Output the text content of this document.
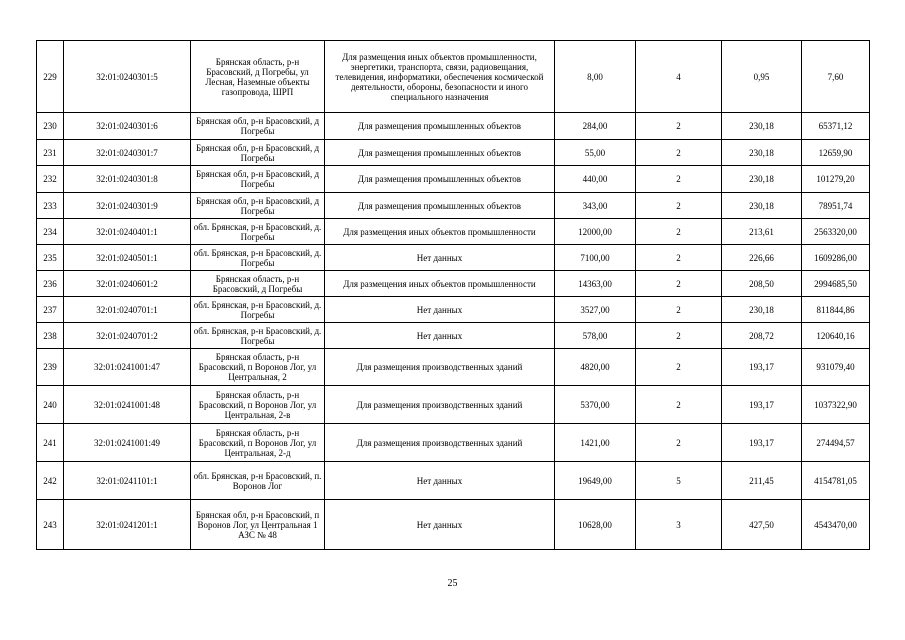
229	32:01:0240301:5	Брянская область, р-н Брасовский, д Погребы, ул Лесная, Наземные объекты газопровода, ШРП	Для размещения иных объектов промышленности, энергетики, транспорта, связи, радиовещания, телевидения, информатики, обеспечения космической деятельности, обороны, безопасности и иного специального назначения	8,00	4	0,95	7,60
230	32:01:0240301:6	Брянская обл, р-н Брасовский, д Погребы	Для размещения промышленных объектов	284,00	2	230,18	65371,12
231	32:01:0240301:7	Брянская обл, р-н Брасовский, д Погребы	Для размещения промышленных объектов	55,00	2	230,18	12659,90
232	32:01:0240301:8	Брянская обл, р-н Брасовский, д Погребы	Для размещения промышленных объектов	440,00	2	230,18	101279,20
233	32:01:0240301:9	Брянская обл, р-н Брасовский, д Погребы	Для размещения промышленных объектов	343,00	2	230,18	78951,74
234	32:01:0240401:1	обл. Брянская, р-н Брасовский, д. Погребы	Для размещения иных объектов промышленности	12000,00	2	213,61	2563320,00
235	32:01:0240501:1	обл. Брянская, р-н Брасовский, д. Погребы	Нет данных	7100,00	2	226,66	1609286,00
236	32:01:0240601:2	Брянская область, р-н Брасовский, д Погребы	Для размещения иных объектов промышленности	14363,00	2	208,50	2994685,50
237	32:01:0240701:1	обл. Брянская, р-н Брасовский, д. Погребы	Нет данных	3527,00	2	230,18	811844,86
238	32:01:0240701:2	обл. Брянская, р-н Брасовский, д. Погребы	Нет данных	578,00	2	208,72	120640,16
239	32:01:0241001:47	Брянская область, р-н Брасовский, п Воронов Лог, ул Центральная, 2	Для размещения производственных зданий	4820,00	2	193,17	931079,40
240	32:01:0241001:48	Брянская область, р-н Брасовский, п Воронов Лог, ул Центральная, 2-в	Для размещения производственных зданий	5370,00	2	193,17	1037322,90
241	32:01:0241001:49	Брянская область, р-н Брасовский, п Воронов Лог, ул Центральная, 2-д	Для размещения производственных зданий	1421,00	2	193,17	274494,57
242	32:01:0241101:1	обл. Брянская, р-н Брасовский, п. Воронов Лог	Нет данных	19649,00	5	211,45	4154781,05
243	32:01:0241201:1	Брянская обл, р-н Брасовский, п Воронов Лог, ул Центральная 1 АЗС № 48	Нет данных	10628,00	3	427,50	4543470,00
25
